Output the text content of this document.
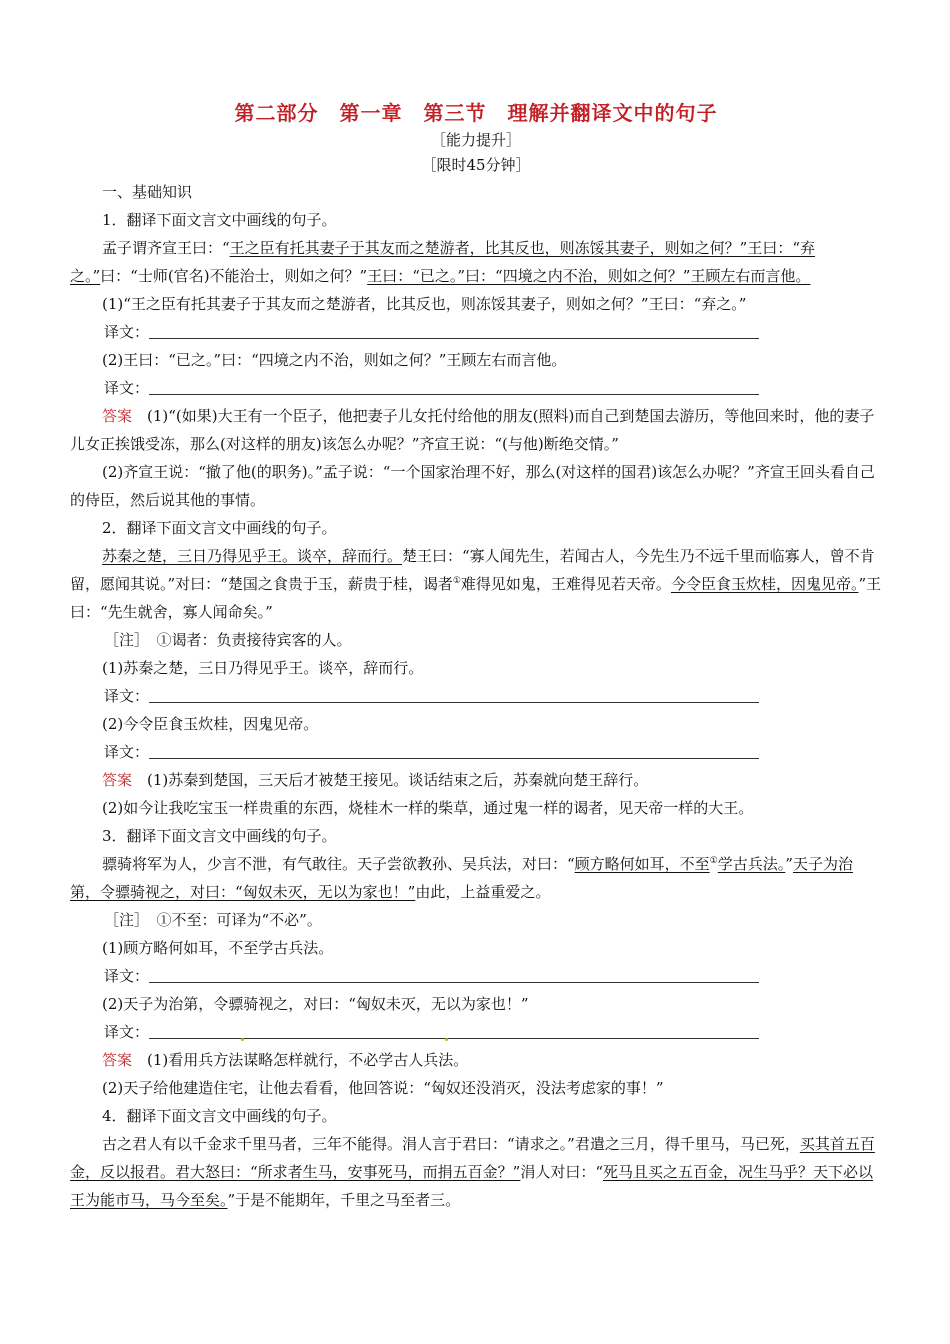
第二部分　第一章　第三节　理解并翻译文中的句子
［能力提升］
［限时45分钟］
一、基础知识

1．翻译下面文言文中画线的句子。

孟子谓齐宣王曰：“王之臣有托其妻子于其友而之楚游者，比其反也，则冻馁其妻子，则如之何？”王曰：“弃之。”曰：“士师(官名)不能治士，则如之何？”王曰：“已之。”曰：“四境之内不治，则如之何？”王顾左右而言他。

(1)“王之臣有托其妻子于其友而之楚游者，比其反也，则冻馁其妻子，则如之何？”王曰：“弃之。”

译文：

(2)王曰：“已之。”曰：“四境之内不治，则如之何？”王顾左右而言他。

译文：

答案　(1)“(如果)大王有一个臣子，他把妻子儿女托付给他的朋友(照料)而自己到楚国去游历，等他回来时，他的妻子儿女正挨饿受冻，那么(对这样的朋友)该怎么办呢？”齐宣王说：“(与他)断绝交情。”

(2)齐宣王说：“撤了他(的职务)。”孟子说：“一个国家治理不好，那么(对这样的国君)该怎么办呢？”齐宣王回头看自己的侍臣，然后说其他的事情。

2．翻译下面文言文中画线的句子。

苏秦之楚，三日乃得见乎王。谈卒，辞而行。楚王曰：“寡人闻先生，若闻古人，今先生乃不远千里而临寡人，曾不肯留，愿闻其说。”对曰：“楚国之食贵于玉，薪贵于桂，谒者①难得见如鬼，王难得见若天帝。今令臣食玉炊桂，因鬼见帝。”王曰：“先生就舍，寡人闻命矣。”

［注］　①谒者：负责接待宾客的人。

(1)苏秦之楚，三日乃得见乎王。谈卒，辞而行。

译文：

(2)今令臣食玉炊桂，因鬼见帝。

译文：

答案　(1)苏秦到楚国，三天后才被楚王接见。谈话结束之后，苏秦就向楚王辞行。

(2)如今让我吃宝玉一样贵重的东西，烧桂木一样的柴草，通过鬼一样的谒者，见天帝一样的大王。

3．翻译下面文言文中画线的句子。

骠骑将军为人，少言不泄，有气敢往。天子尝欲教孙、吴兵法，对曰：“顾方略何如耳，不至①学古兵法。”天子为治第，令骠骑视之，对曰：“匈奴未灭，无以为家也！”由此，上益重爱之。

［注］　①不至：可译为“不必”。

(1)顾方略何如耳，不至学古兵法。

译文：

(2)天子为治第，令骠骑视之，对曰：“匈奴未灭，无以为家也！”

译文：

答案　(1)看用兵方法谋略怎样就行，不必学古人兵法。

(2)天子给他建造住宅，让他去看看，他回答说：“匈奴还没消灭，没法考虑家的事！”

4．翻译下面文言文中画线的句子。

古之君人有以千金求千里马者，三年不能得。涓人言于君曰：“请求之。”君遣之三月，得千里马，马已死，买其首五百金，反以报君。君大怒曰：“所求者生马，安事死马，而捐五百金？”涓人对曰：“死马且买之五百金，况生马乎？天下必以王为能市马，马今至矣。”于是不能期年，千里之马至者三。
